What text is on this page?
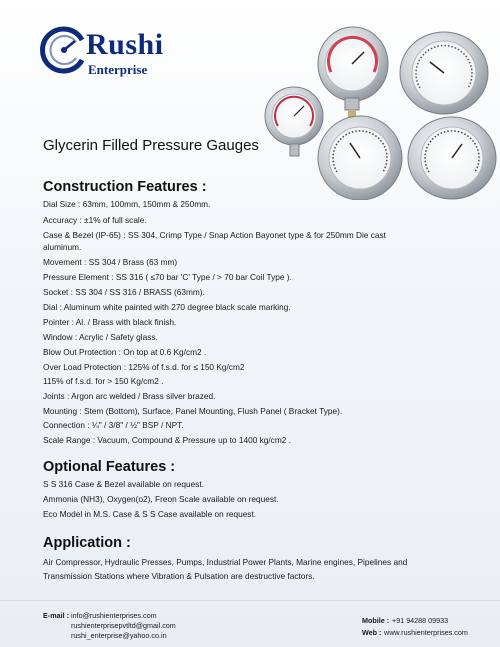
Rushi
Enterprise
Glycerin Filled Pressure Gauges
Construction Features :
Dial Size : 63mm, 100mm, 150mm & 250mm.
Accuracy : ±1% of full scale.
Case & Bezel (IP-65) : SS 304, Crimp Type / Snap Action Bayonet type & for 250mm Die cast
aluminum.
Movement : SS 304 / Brass (63 mm)
Pressure Element : SS 316 ( ≤70 bar 'C' Type / > 70 bar Coil Type ).
Socket : SS 304 / SS 316 / BRASS (63mm).
Dial : Aluminum white painted with 270 degree black scale marking.
Pointer : Al. / Brass with black finish.
Window : Acrylic / Safety glass.
Blow Out Protection : On top at 0.6 Kg/cm2 .
Over Load Protection : 125% of f.s.d. for ≤ 150 Kg/cm2
115% of f.s.d. for > 150 Kg/cm2 .
Joints : Argon arc welded / Brass silver brazed.
Mounting : Stem (Bottom), Surface, Panel Mounting, Flush Panel ( Bracket Type).
Connection : ¼" / 3/8" / ½" BSP / NPT.
Scale Range : Vacuum, Compound & Pressure up to 1400 kg/cm2 .
Optional Features :
S S 316 Case & Bezel available on request.
Ammonia (NH3), Oxygen(o2), Freon Scale available on request.
Eco Model in M.S. Case & S S Case available on request.
Application :
Air Compressor, Hydraulic Presses, Pumps, Industrial Power Plants, Marine engines, Pipelines and
Transmission Stations where Vibration & Pulsation are destructive factors.
E-mail : info@rushienterprises.com
rushienterprisepvtltd@gmail.com
rushi_enterprise@yahoo.co.in
Mobile : +91 94288 09933
Web : www.rushienterprises.com
